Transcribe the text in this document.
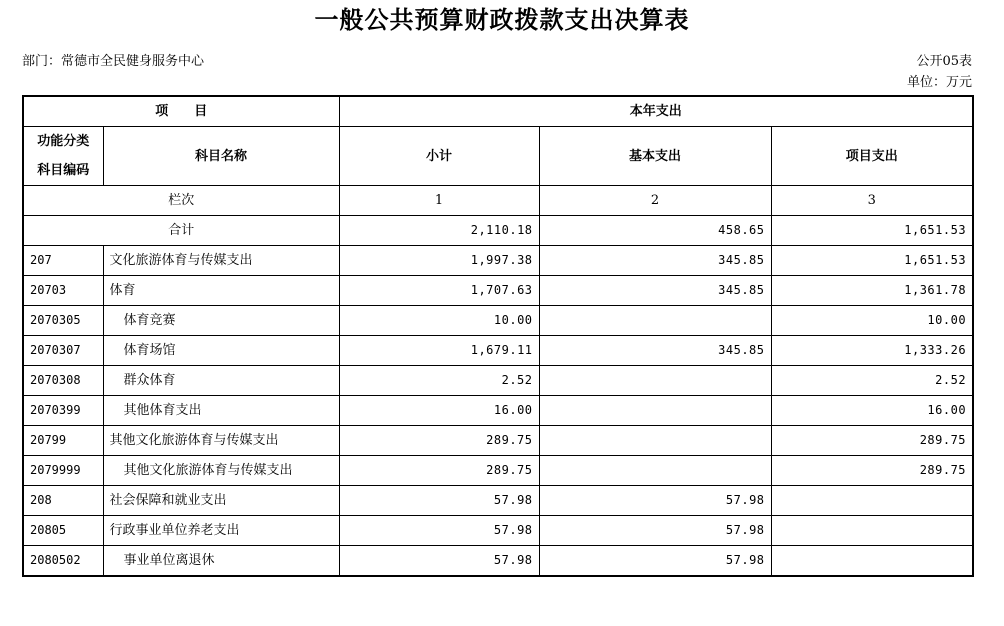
一般公共预算财政拨款支出决算表
部门：常德市全民健身服务中心	公开05表
单位：万元
项　　目		本年支出		
功能分类
科目编码	科目名称	小计	基本支出	项目支出
栏次		1	2	3
合计		2,110.18	458.65	1,651.53
207	文化旅游体育与传媒支出	1,997.38	345.85	1,651.53
20703	体育	1,707.63	345.85	1,361.78
2070305	体育竞赛	10.00		10.00
2070307	体育场馆	1,679.11	345.85	1,333.26
2070308	群众体育	2.52		2.52
2070399	其他体育支出	16.00		16.00
20799	其他文化旅游体育与传媒支出	289.75		289.75
2079999	其他文化旅游体育与传媒支出	289.75		289.75
208	社会保障和就业支出	57.98	57.98	
20805	行政事业单位养老支出	57.98	57.98	
2080502	事业单位离退休	57.98	57.98	
